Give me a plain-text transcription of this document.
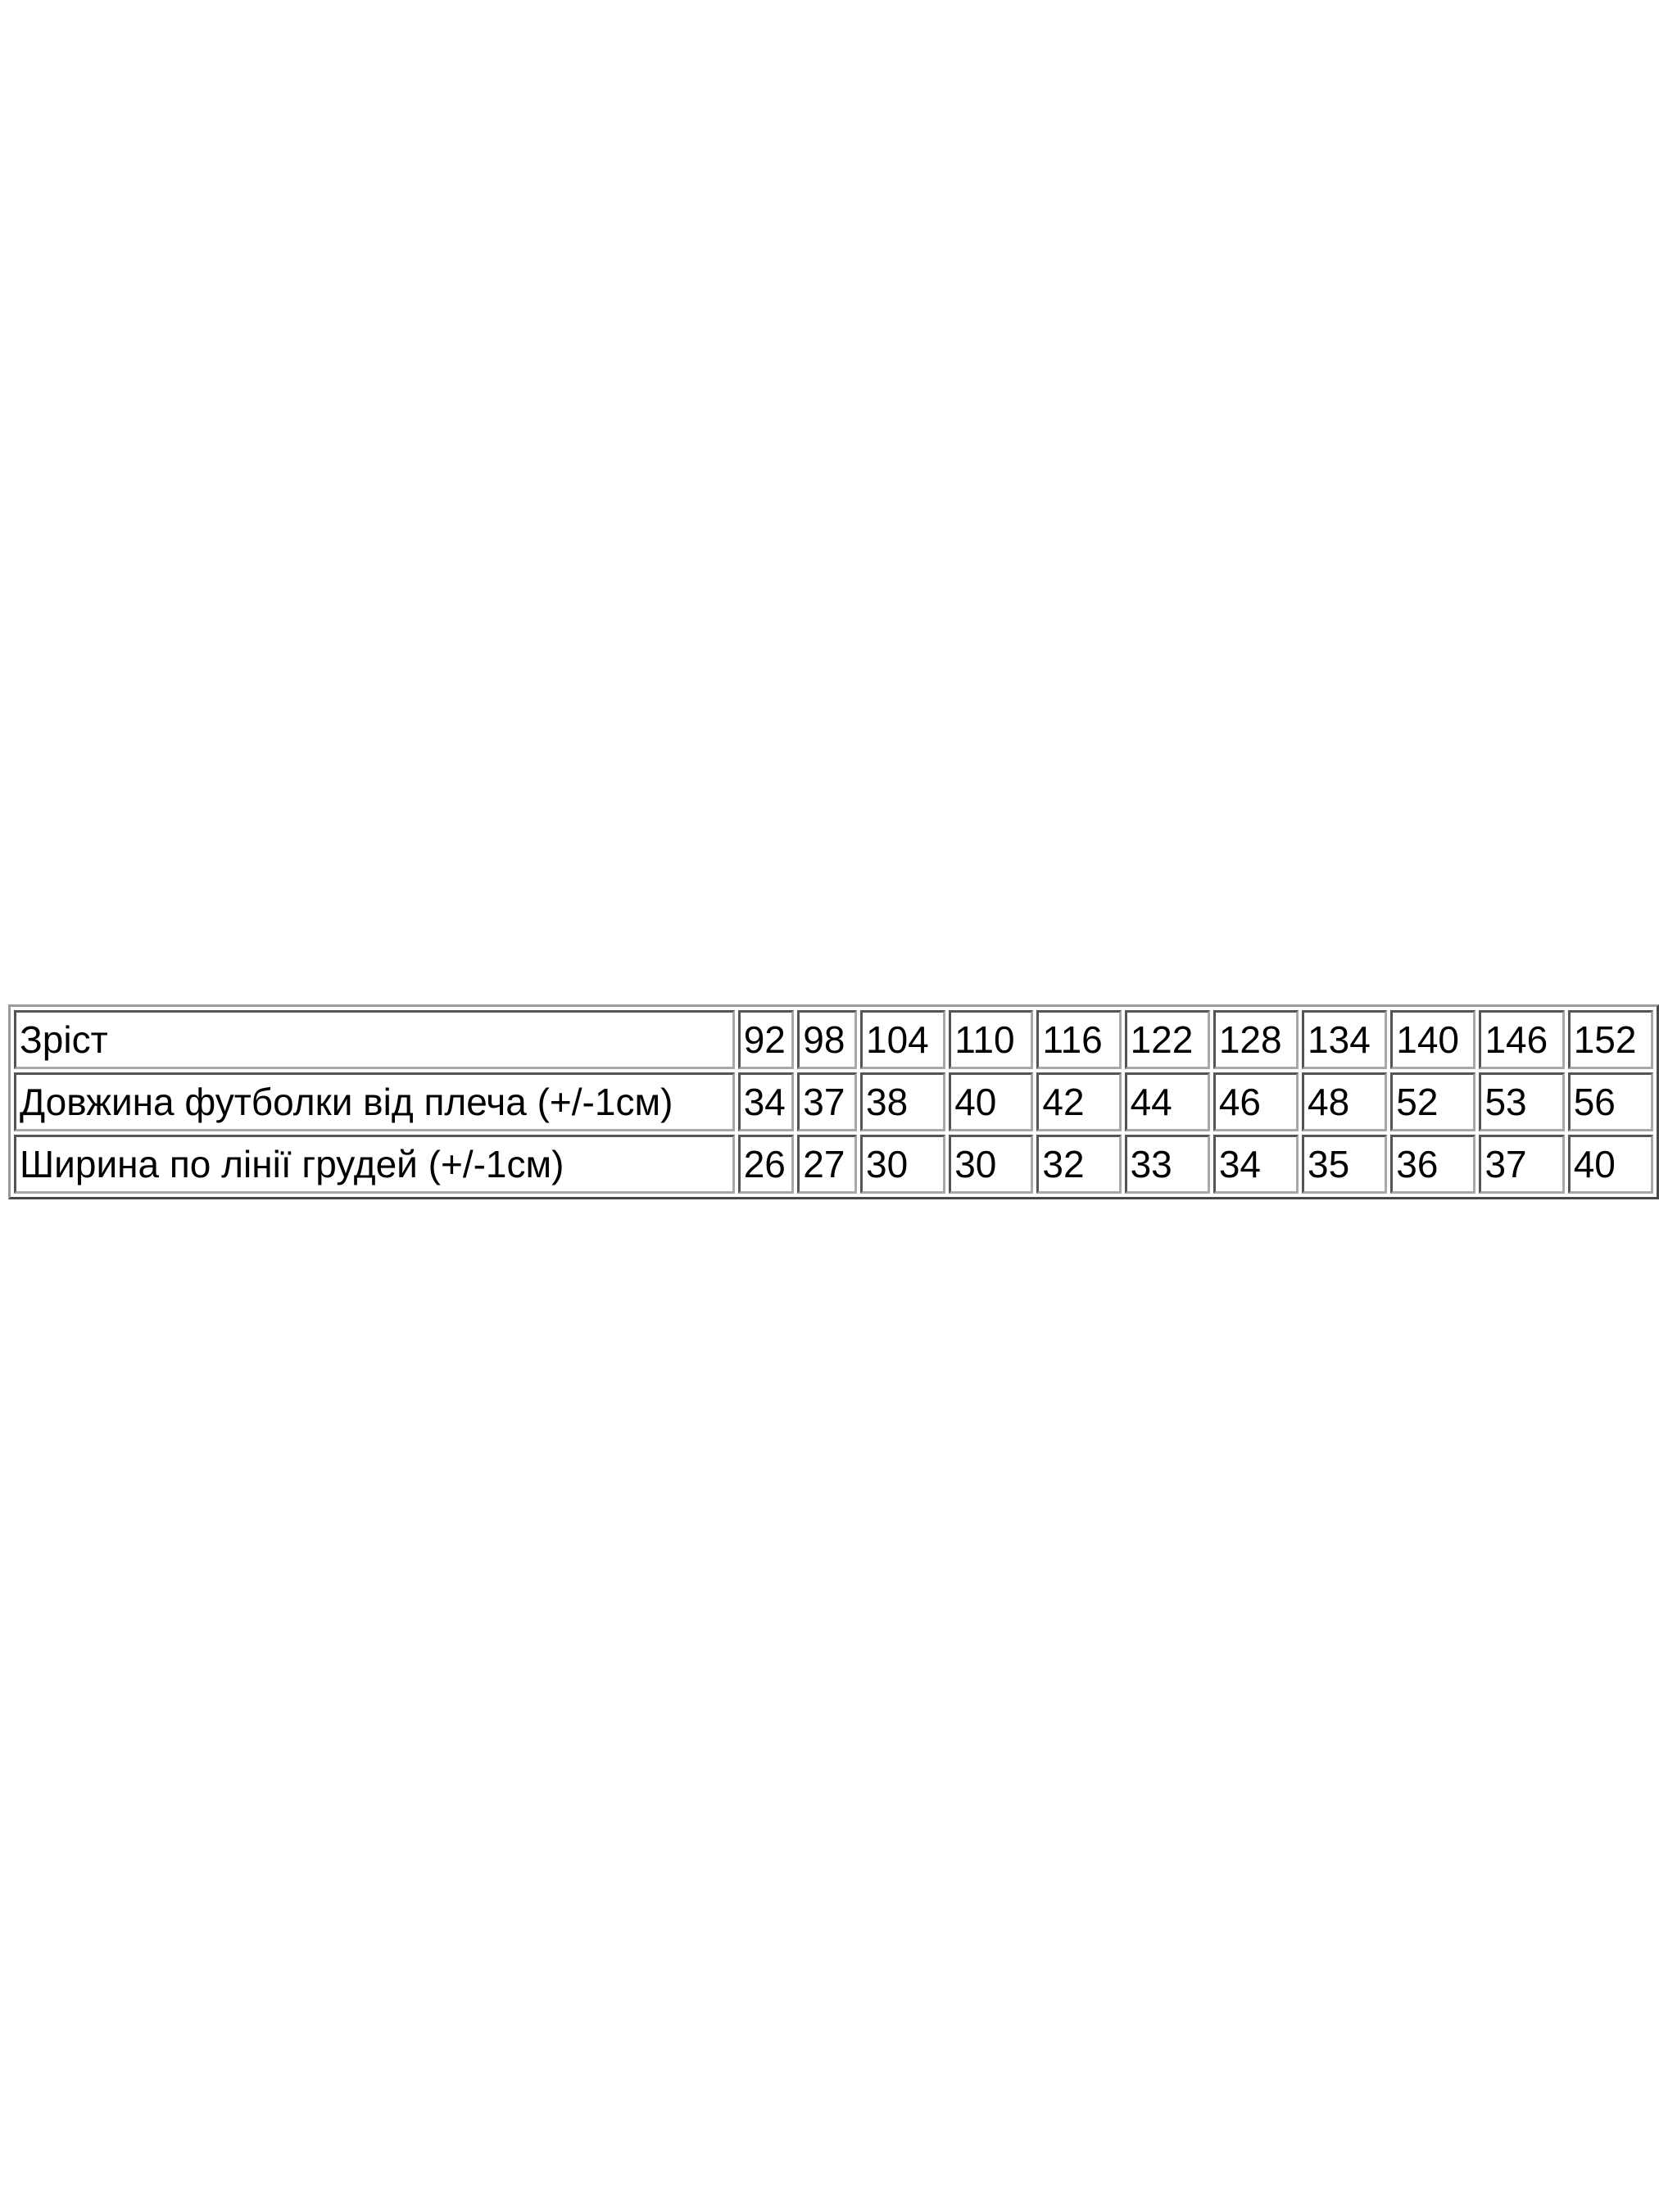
Зріст	92	98	104	110	116	122	128	134	140	146	152
Довжина футболки від плеча (+/-1см)	34	37	38	40	42	44	46	48	52	53	56
Ширина по лінії грудей (+/-1см)	26	27	30	30	32	33	34	35	36	37	40
